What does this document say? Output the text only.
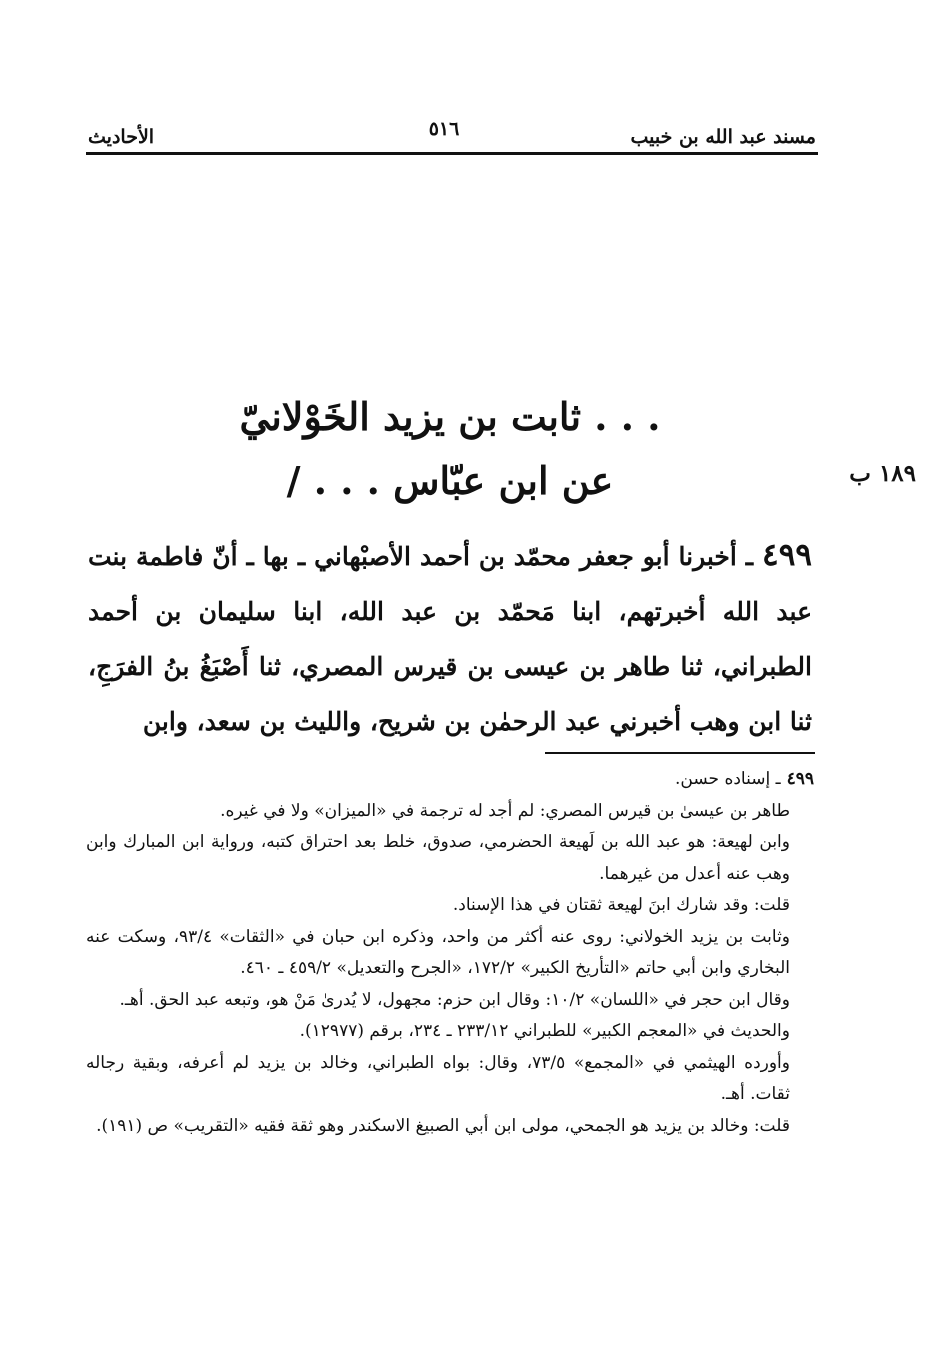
مسند عبد الله بن خبيب
الأحاديث	٥١٦
. . . ثابت بن يزيد الخَوْلانيّ
عن ابن عبّاس . . . /	١٨٩ ب

٤٩٩ ـ أخبرنا أبو جعفر محمّد بن أحمد الأصبْهاني ـ بها ـ أنّ فاطمة بنت عبد الله أخبرتهم، ابنا مَحمّد بن عبد الله، ابنا سليمان بن أحمد الطبراني، ثنا طاهر بن عيسى بن قيرس المصري، ثنا أَصْبَغُ بنُ الفرَجِ، ثنا ابن وهب أخبرني عبد الرحمٰن بن شريح، والليث بن سعد، وابن

٤٩٩ـ إسناده حسن.

طاهر بن عيسىٰ بن قيرس المصري: لم أجد له ترجمة في «الميزان» ولا في غيره.

وابن لهيعة: هو عبد الله بن لَهيعة الحضرمي، صدوق، خلط بعد احتراق كتبه، ورواية ابن المبارك وابن وهب عنه أعدل من غيرهما.

قلت: وقد شارك ابنَ لهيعة ثقتان في هذا الإسناد.

وثابت بن يزيد الخولاني: روى عنه أكثر من واحد، وذكره ابن حبان في «الثقات» ٩٣/٤، وسكت عنه البخاري وابن أبي حاتم «التأريخ الكبير» ١٧٢/٢، «الجرح والتعديل» ٤٥٩/٢ ـ ٤٦٠.

وقال ابن حجر في «اللسان» ١٠/٢: وقال ابن حزم: مجهول، لا يُدرىٰ مَنْ هو، وتبعه عبد الحق. أهـ.

والحديث في «المعجم الكبير» للطبراني ٢٣٣/١٢ ـ ٢٣٤، برقم (١٢٩٧٧).

وأورده الهيثمي في «المجمع» ٧٣/٥، وقال: بواه الطبراني، وخالد بن يزيد لم أعرفه، وبقية رجاله ثقات. أهـ.

قلت: وخالد بن يزيد هو الجمحي، مولى ابن أبي الصبيغ الاسكندر وهو ثقة فقيه «التقريب» ص (١٩١).
